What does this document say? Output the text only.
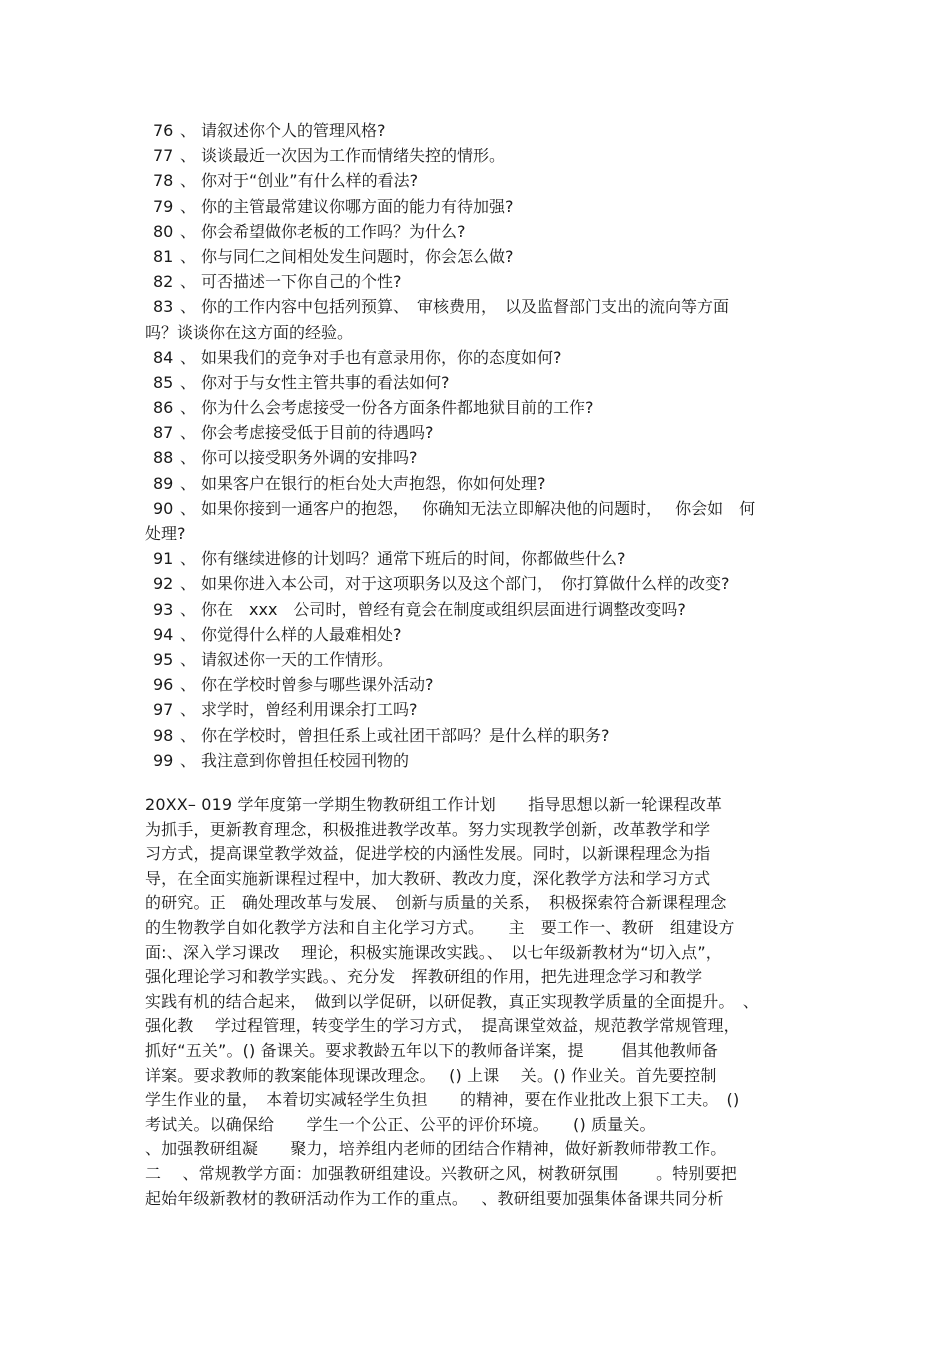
76 、 请叙述你个人的管理风格?
77 、 谈谈最近一次因为工作而情绪失控的情形。
78 、 你对于“创业”有什么样的看法?
79 、 你的主管最常建议你哪方面的能力有待加强?
80 、 你会希望做你老板的工作吗？为什么?
81 、 你与同仁之间相处发生问题时，你会怎么做?
82 、 可否描述一下你自己的个性?
83 、 你的工作内容中包括列预算、　审核费用，　以及监督部门支出的流向等方面
吗？谈谈你在这方面的经验。
84 、 如果我们的竞争对手也有意录用你，你的态度如何?
85 、 你对于与女性主管共事的看法如何?
86 、 你为什么会考虑接受一份各方面条件都地狱目前的工作?
87 、 你会考虑接受低于目前的待遇吗?
88 、 你可以接受职务外调的安排吗?
89 、 如果客户在银行的柜台处大声抱怨，你如何处理?
90 、 如果你接到一通客户的抱怨，　 你确知无法立即解决他的问题时，　 你会如　何
处理?
91 、 你有继续进修的计划吗？通常下班后的时间，你都做些什么?
92 、 如果你进入本公司，对于这项职务以及这个部门，　你打算做什么样的改变?
93 、 你在　xxx　公司时，曾经有竟会在制度或组织层面进行调整改变吗?
94 、 你觉得什么样的人最难相处?
95 、 请叙述你一天的工作情形。
96 、 你在学校时曾参与哪些课外活动?
97 、 求学时，曾经利用课余打工吗?
98 、 你在学校时，曾担任系上或社团干部吗？是什么样的职务?
99 、 我注意到你曾担任校园刊物的

20XX– 019 学年度第一学期生物教研组工作计划　　指导思想以新一轮课程改革

为抓手，更新教育理念，积极推进教学改革。努力实现教学创新，改革教学和学

习方式，提高课堂教学效益，促进学校的内涵性发展。同时，以新课程理念为指

导，在全面实施新课程过程中，加大教研、教改力度，深化教学方法和学习方式

的研究。正　确处理改革与发展、　创新与质量的关系，　积极探索符合新课程理念

的生物教学自如化教学方法和自主化学习方式。　　主　要工作一、教研　组建设方

面:、深入学习课改　 理论，积极实施课改实践。、　以七年级新教材为“切入点”，

强化理论学习和教学实践。、充分发　挥教研组的作用，把先进理念学习和教学

实践有机的结合起来，　做到以学促研，以研促教，真正实现教学质量的全面提升。　、

强化教　 学过程管理，转变学生的学习方式，　提高课堂效益，规范教学常规管理，

抓好“五关”。() 备课关。要求教龄五年以下的教师备详案，提　　 倡其他教师备

详案。要求教师的教案能体现课改理念。　 () 上课　 关。() 作业关。首先要控制

学生作业的量，　本着切实减轻学生负担　　的精神，要在作业批改上狠下工夫。　()

考试关。以确保给　　学生一个公正、公平的评价环境。　　() 质量关。

、加强教研组凝　　聚力，培养组内老师的团结合作精神，做好新教师带教工作。

二　 、常规教学方面：加强教研组建设。兴教研之风，树教研氛围　　 。特别要把

起始年级新教材的教研活动作为工作的重点。　 、教研组要加强集体备课共同分析
